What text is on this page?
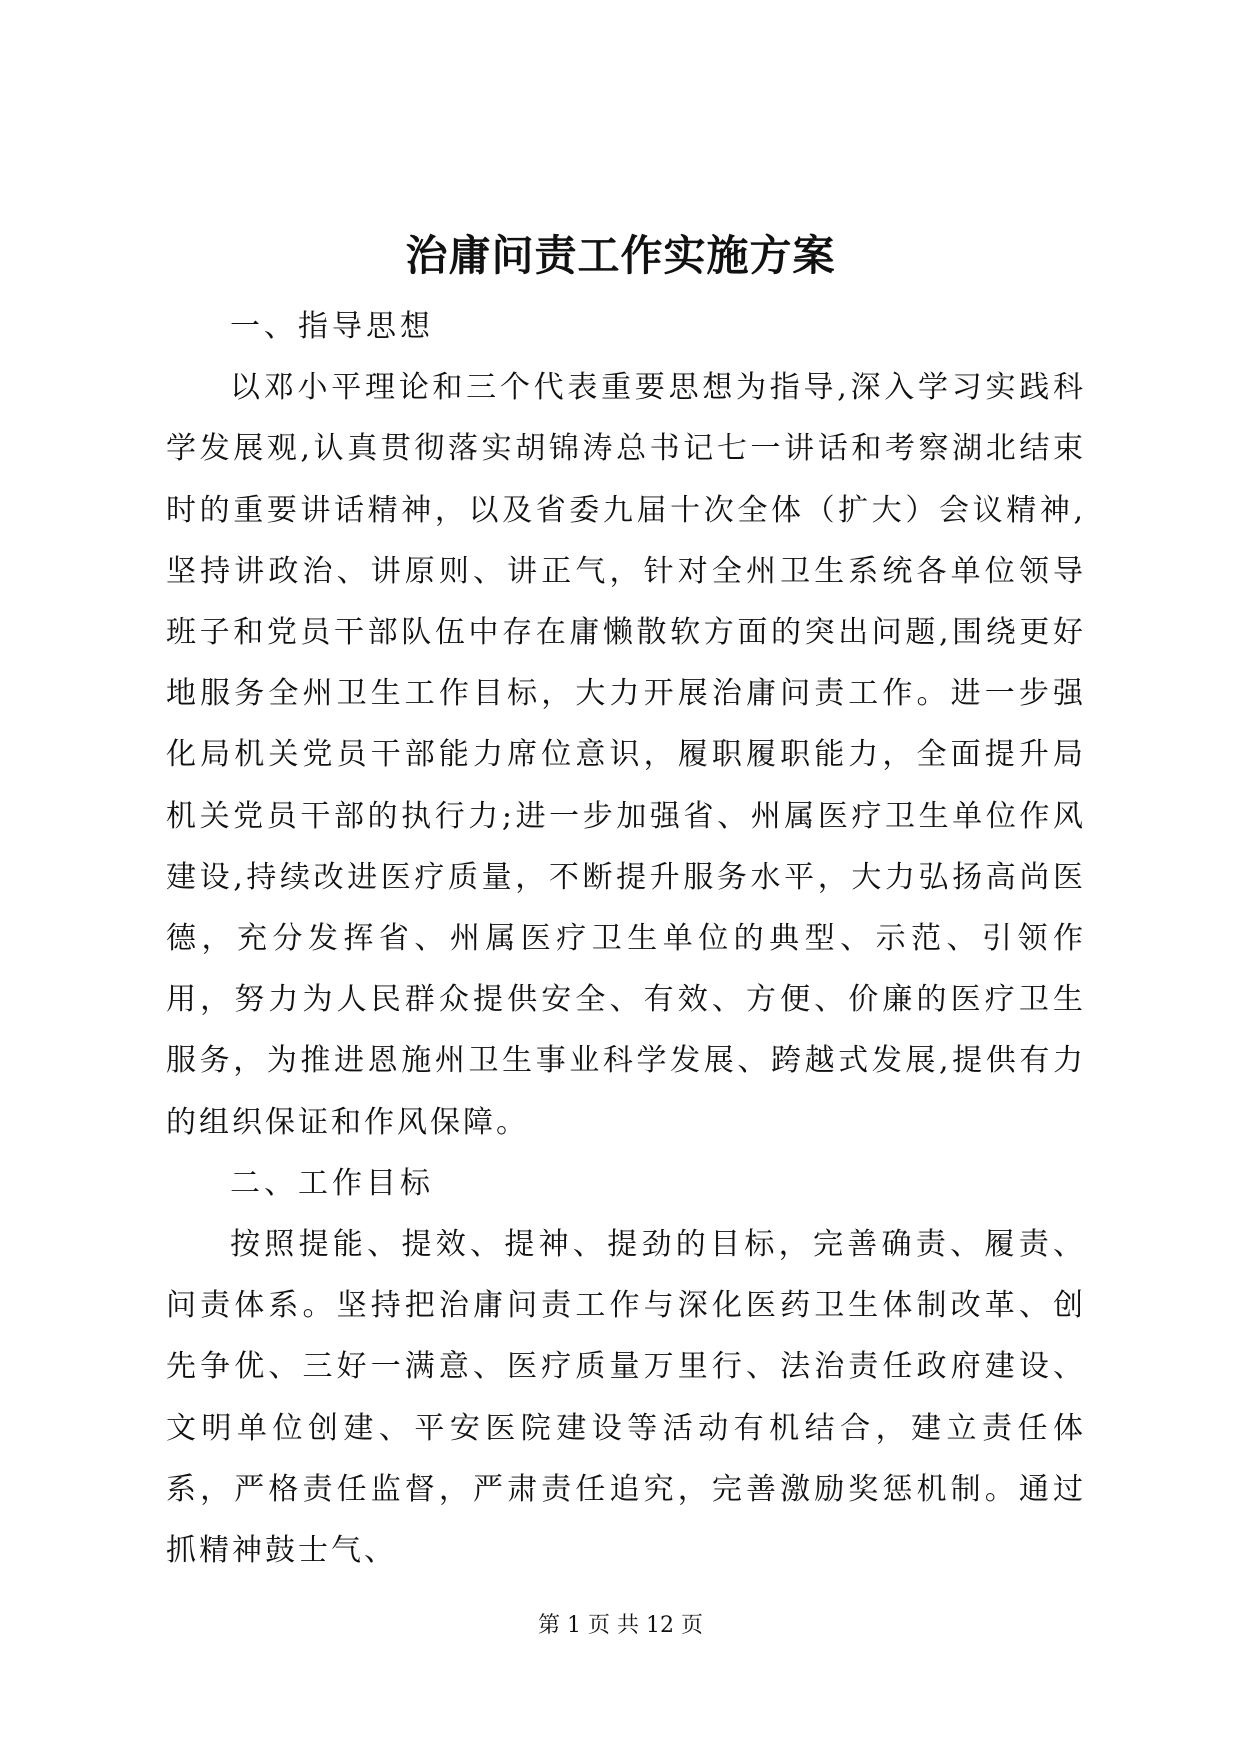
治庸问责工作实施方案

一、指导思想

以邓小平理论和三个代表重要思想为指导,深入学习实践科学发展观,认真贯彻落实胡锦涛总书记七一讲话和考察湖北结束时的重要讲话精神，以及省委九届十次全体（扩大）会议精神,坚持讲政治、讲原则、讲正气，针对全州卫生系统各单位领导班子和党员干部队伍中存在庸懒散软方面的突出问题,围绕更好地服务全州卫生工作目标，大力开展治庸问责工作。进一步强化局机关党员干部能力席位意识，履职履职能力，全面提升局机关党员干部的执行力;进一步加强省、州属医疗卫生单位作风建设,持续改进医疗质量，不断提升服务水平，大力弘扬高尚医德，充分发挥省、州属医疗卫生单位的典型、示范、引领作用，努力为人民群众提供安全、有效、方便、价廉的医疗卫生服务，为推进恩施州卫生事业科学发展、跨越式发展,提供有力的组织保证和作风保障。

二、工作目标

按照提能、提效、提神、提劲的目标，完善确责、履责、问责体系。坚持把治庸问责工作与深化医药卫生体制改革、创先争优、三好一满意、医疗质量万里行、法治责任政府建设、文明单位创建、平安医院建设等活动有机结合，建立责任体系，严格责任监督，严肃责任追究，完善激励奖惩机制。通过抓精神鼓士气、

第 1 页 共 12 页
